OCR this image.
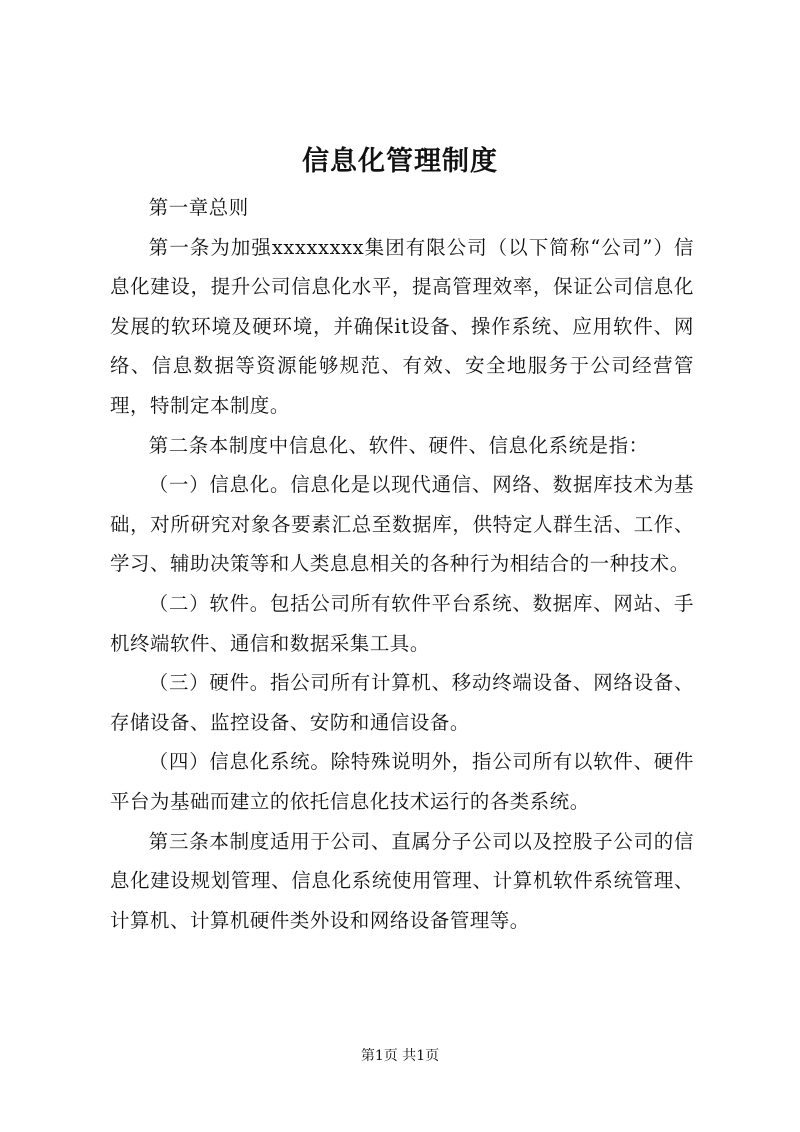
信息化管理制度

第一章总则

第一条为加强xxxxxxxx集团有限公司（以下简称“公司”）信息化建设，提升公司信息化水平，提高管理效率，保证公司信息化发展的软环境及硬环境，并确保it设备、操作系统、应用软件、网络、信息数据等资源能够规范、有效、安全地服务于公司经营管理，特制定本制度。

第二条本制度中信息化、软件、硬件、信息化系统是指：

（一）信息化。信息化是以现代通信、网络、数据库技术为基础，对所研究对象各要素汇总至数据库，供特定人群生活、工作、学习、辅助决策等和人类息息相关的各种行为相结合的一种技术。

（二）软件。包括公司所有软件平台系统、数据库、网站、手机终端软件、通信和数据采集工具。

（三）硬件。指公司所有计算机、移动终端设备、网络设备、存储设备、监控设备、安防和通信设备。

（四）信息化系统。除特殊说明外，指公司所有以软件、硬件平台为基础而建立的依托信息化技术运行的各类系统。

第三条本制度适用于公司、直属分子公司以及控股子公司的信息化建设规划管理、信息化系统使用管理、计算机软件系统管理、计算机、计算机硬件类外设和网络设备管理等。

第1页 共1页
